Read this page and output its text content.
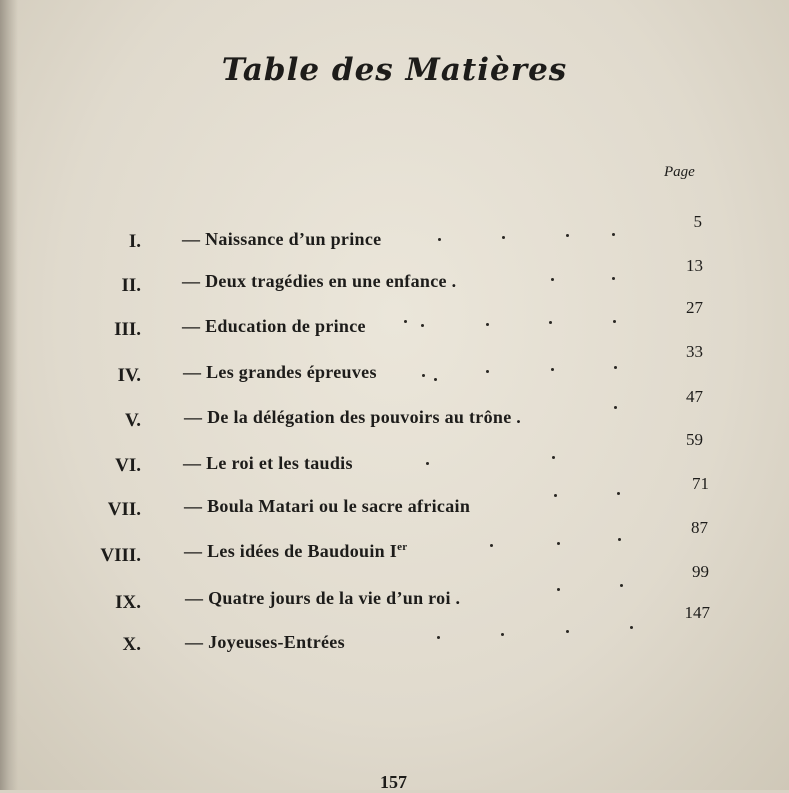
Table des Matières
Page
I. — Naissance d’un prince
5
II. — Deux tragédies en une enfance .
13
III. — Education de prince
27
IV. — Les grandes épreuves
33
V. — De la délégation des pouvoirs au trône .
47
VI. — Le roi et les taudis
59
VII. — Boula Matari ou le sacre africain
71
VIII. — Les idées de Baudouin Ier
87
IX. — Quatre jours de la vie d’un roi .
99
X. — Joyeuses-Entrées
147
157
